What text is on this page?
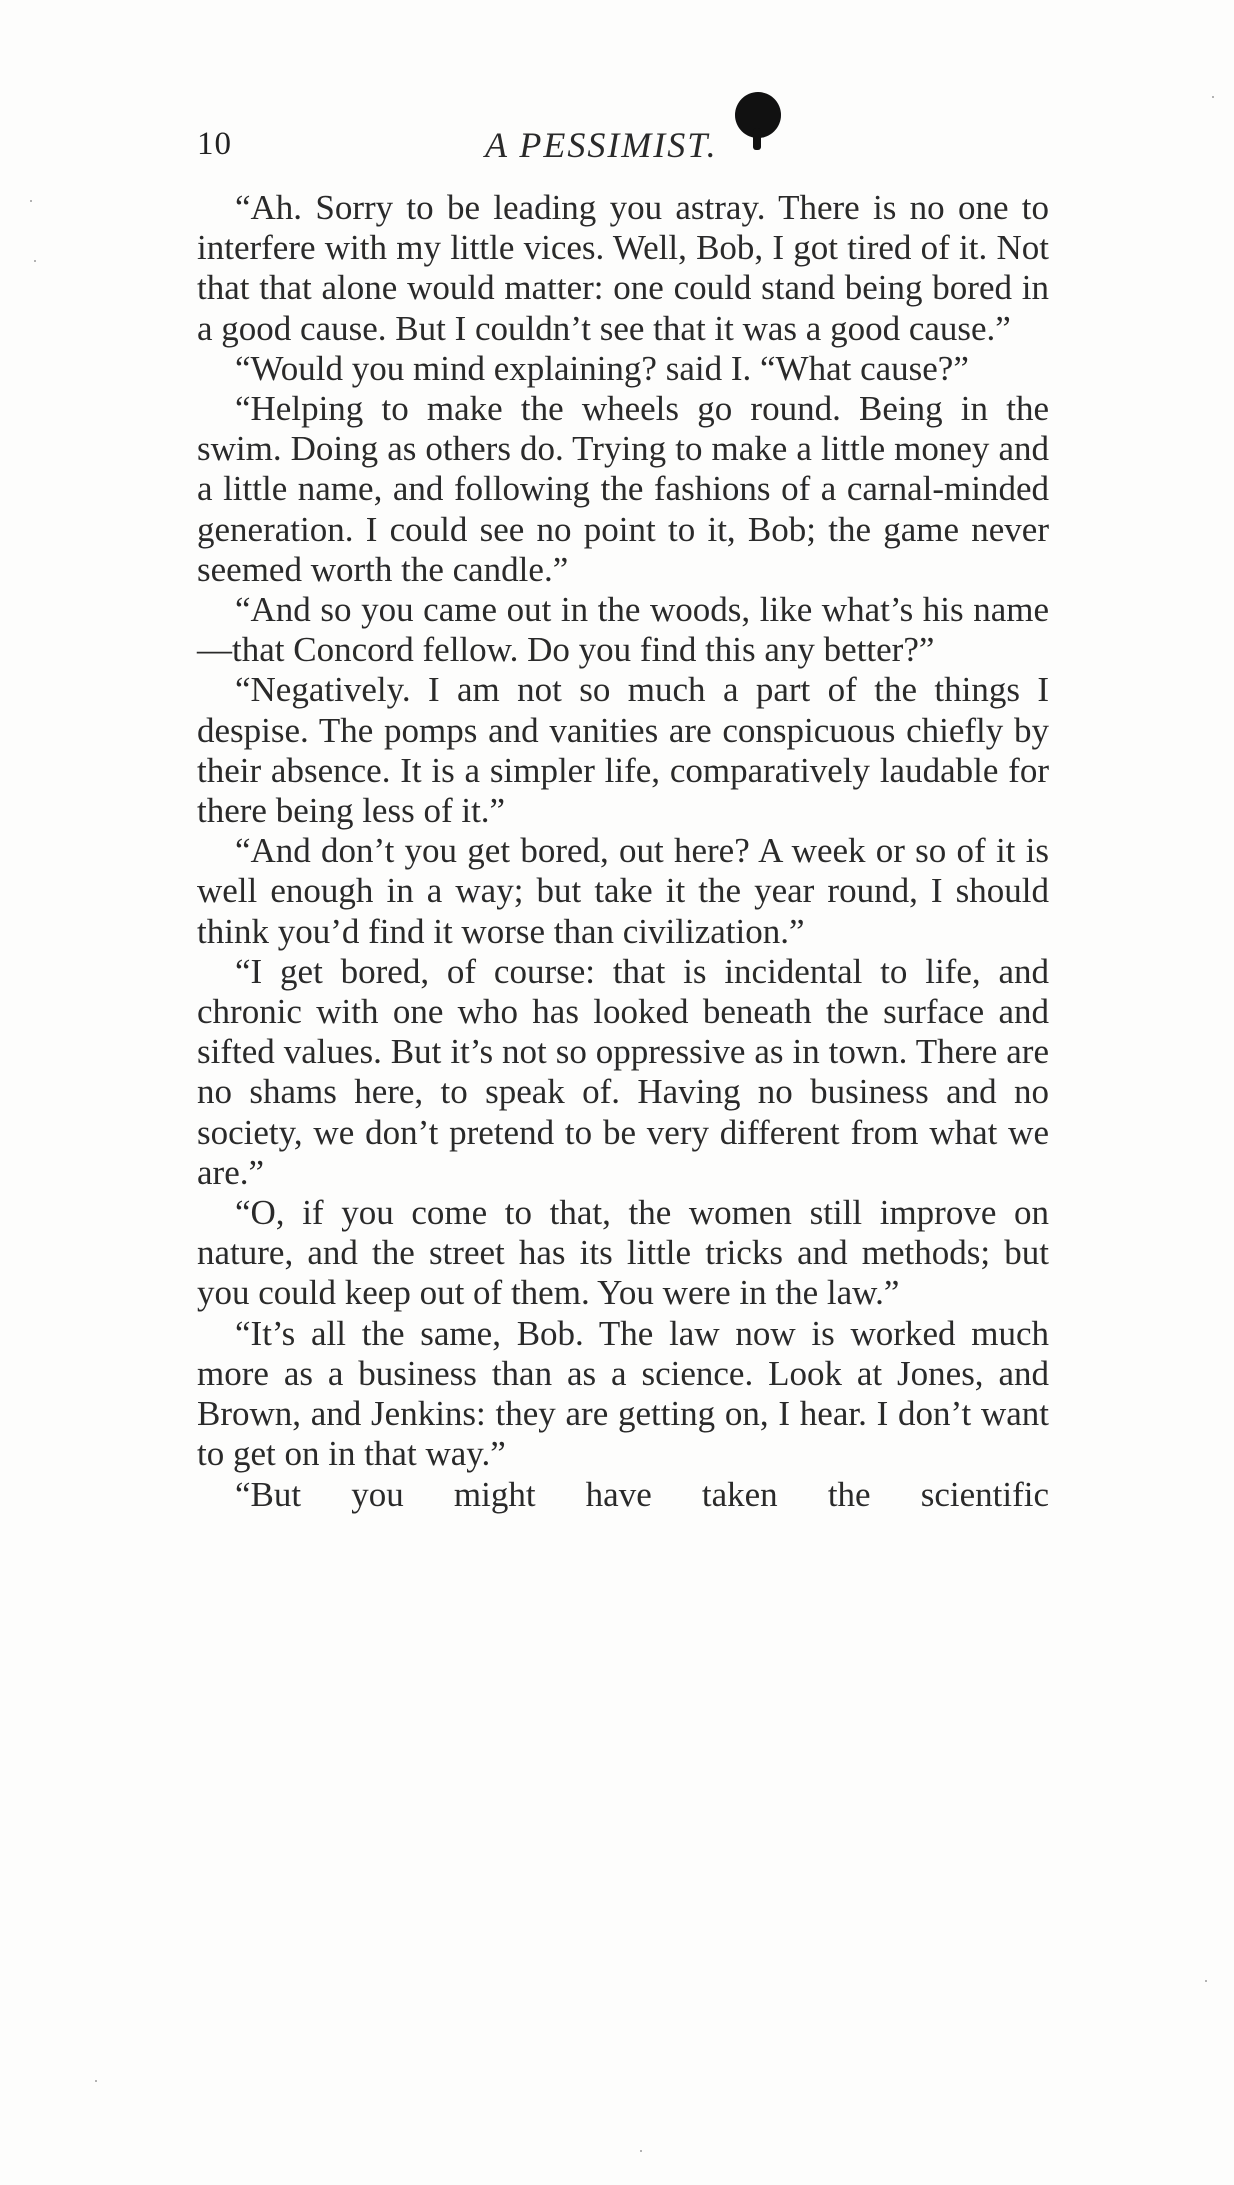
10	A PESSIMIST.

“Ah. Sorry to be leading you astray. There is no one to interfere with my little vices. Well, Bob, I got tired of it. Not that that alone would matter: one could stand being bored in a good cause. But I couldn’t see that it was a good cause.”

“Would you mind explaining? said I. “What cause?”

“Helping to make the wheels go round. Being in the swim. Doing as others do. Trying to make a little money and a little name, and following the fashions of a carnal-minded generation. I could see no point to it, Bob; the game never seemed worth the candle.”

“And so you came out in the woods, like what’s his name—that Concord fellow. Do you find this any better?”

“Negatively. I am not so much a part of the things I despise. The pomps and vanities are conspicuous chiefly by their absence. It is a simpler life, comparatively laudable for there being less of it.”

“And don’t you get bored, out here? A week or so of it is well enough in a way; but take it the year round, I should think you’d find it worse than civilization.”

“I get bored, of course: that is incidental to life, and chronic with one who has looked beneath the surface and sifted values. But it’s not so oppressive as in town. There are no shams here, to speak of. Having no business and no society, we don’t pretend to be very different from what we are.”

“O, if you come to that, the women still improve on nature, and the street has its little tricks and methods; but you could keep out of them. You were in the law.”

“It’s all the same, Bob. The law now is worked much more as a business than as a science. Look at Jones, and Brown, and Jenkins: they are getting on, I hear. I don’t want to get on in that way.”

“But you might have taken the scientific
